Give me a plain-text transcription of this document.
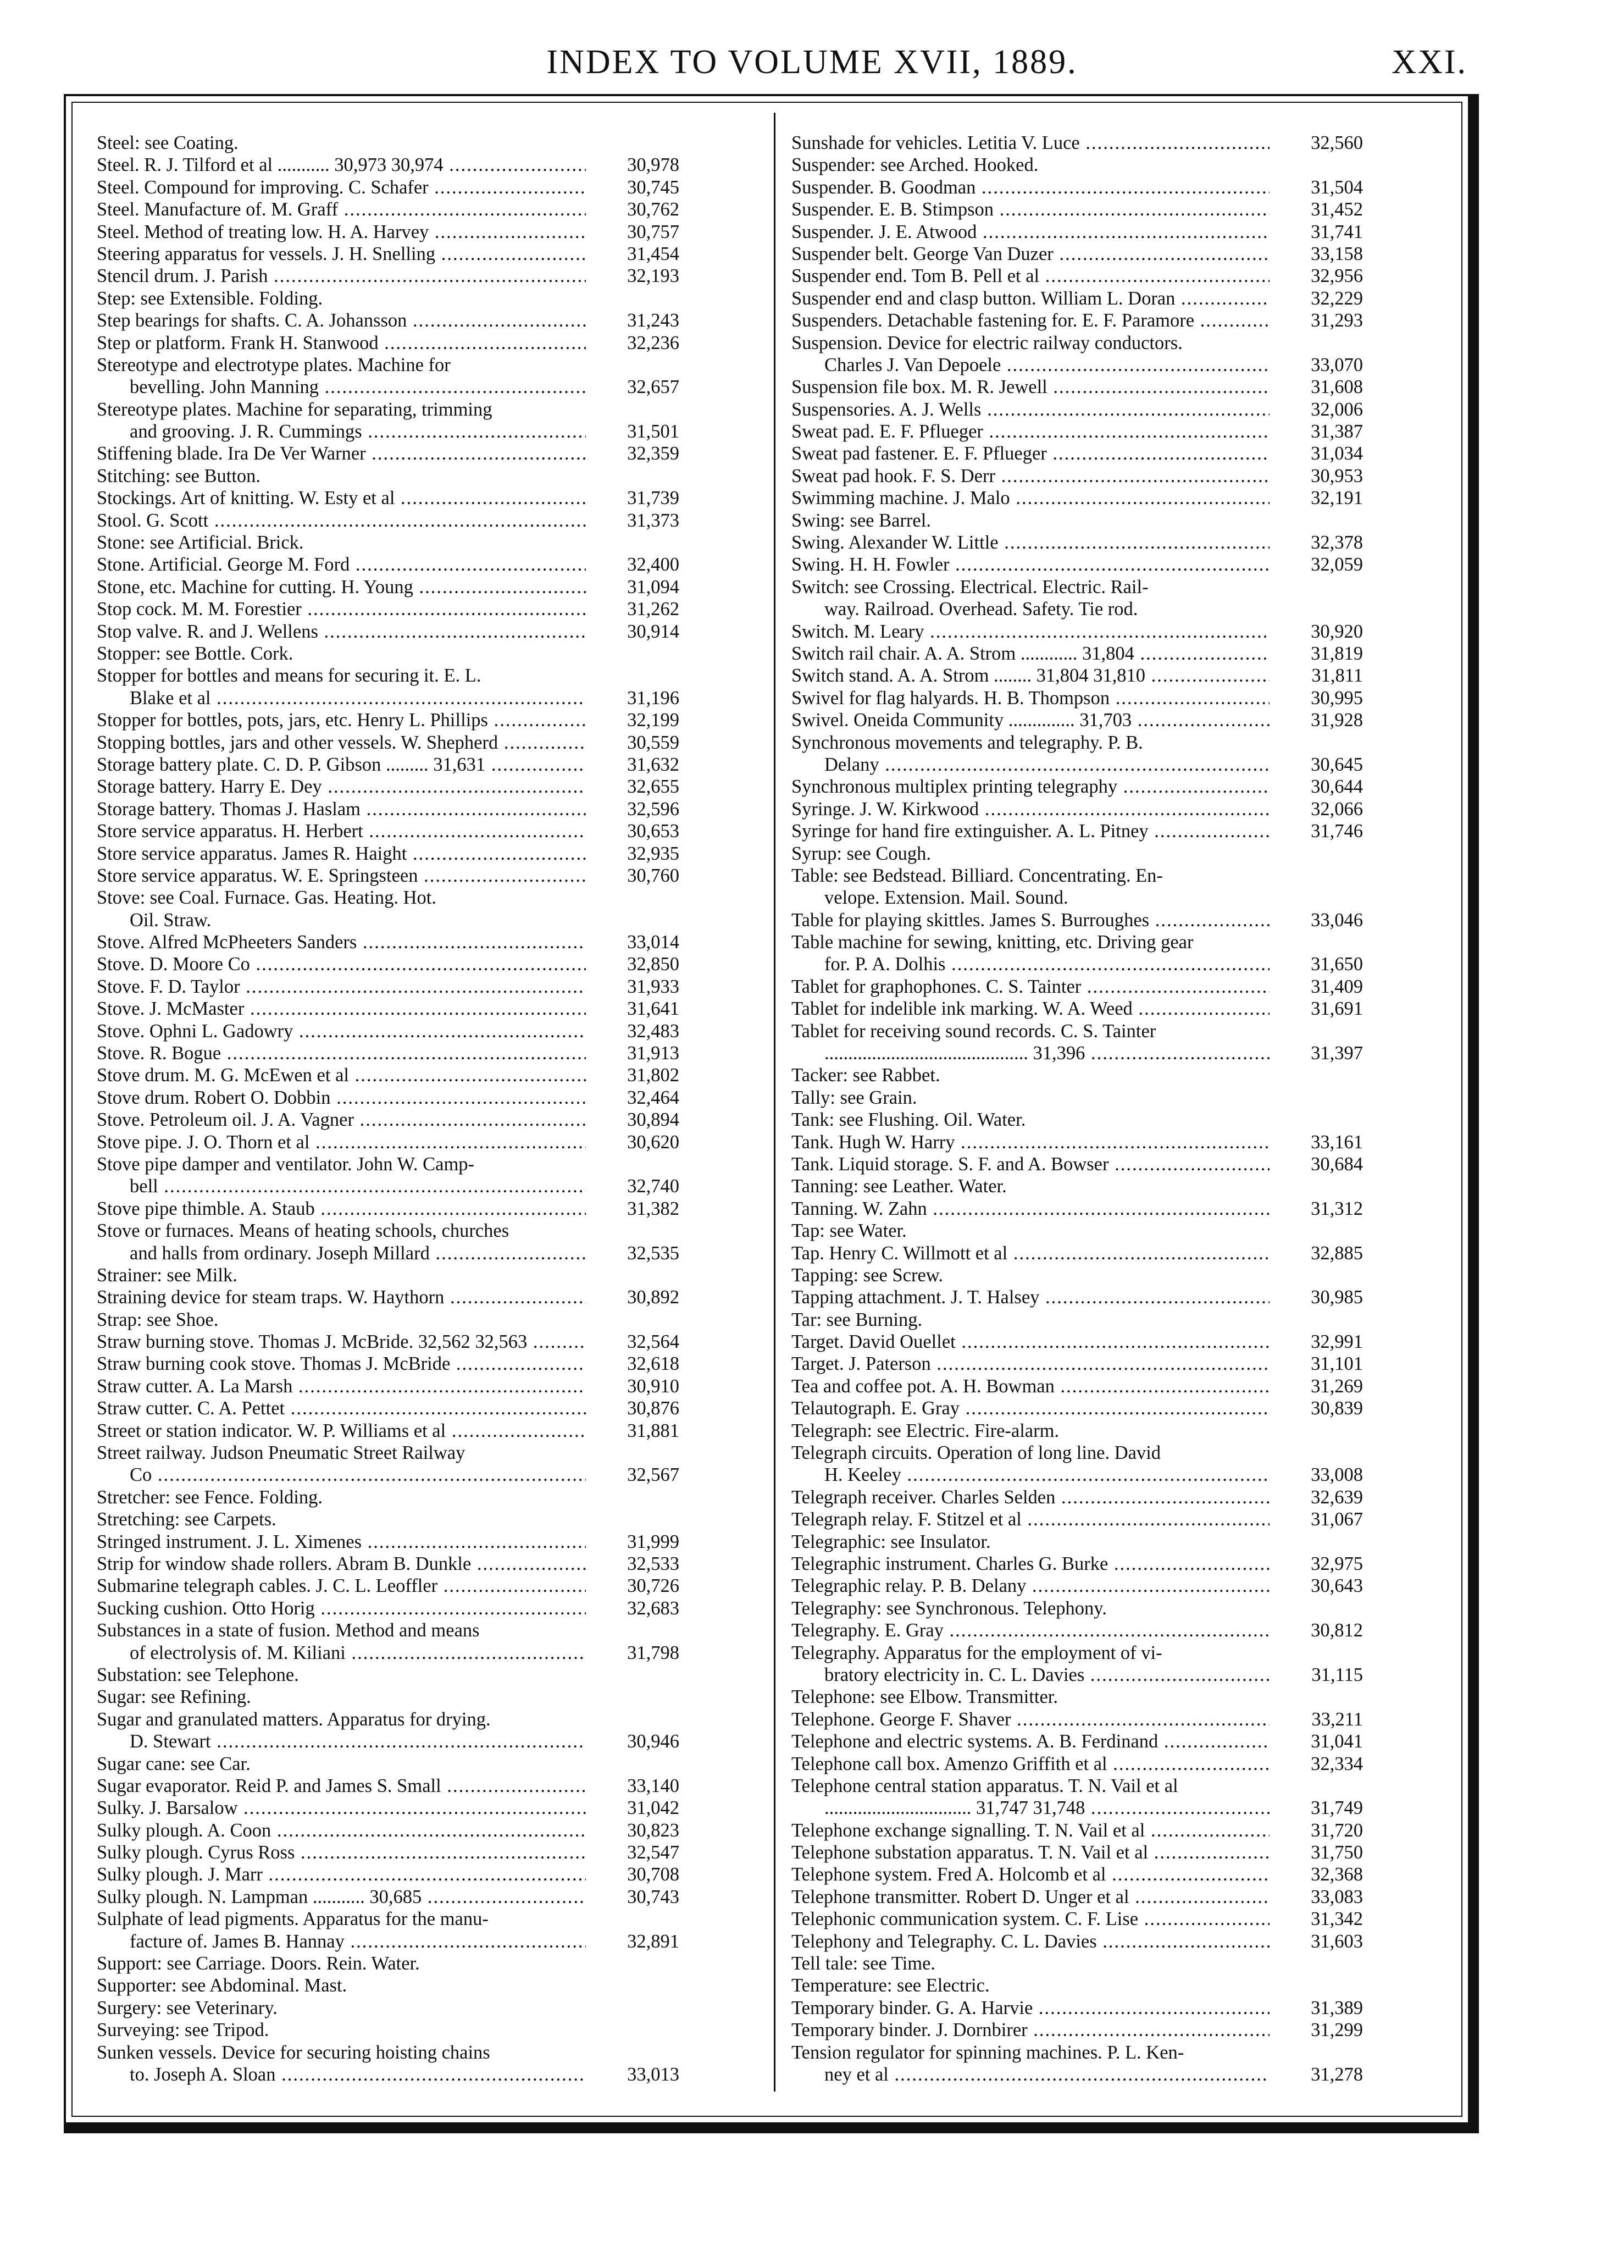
INDEX TO VOLUME XVII, 1889.	XXI.
Steel: see Coating.
Steel. R. J. Tilford et al ........... 30,973 30,974 .....	30,978
Steel. Compound for improving. C. Schafer .....	30,745
Steel. Manufacture of. M. Graff .....	30,762
Steel. Method of treating low. H. A. Harvey .....	30,757
Steering apparatus for vessels. J. H. Snelling .....	31,454
Stencil drum. J. Parish .....	32,193
Step: see Extensible. Folding.
Step bearings for shafts. C. A. Johansson .....	31,243
Step or platform. Frank H. Stanwood .....	32,236
Stereotype and electrotype plates. Machine for
bevelling. John Manning .....	32,657
Stereotype plates. Machine for separating, trimming
and grooving. J. R. Cummings .....	31,501
Stiffening blade. Ira De Ver Warner .....	32,359
Stitching: see Button.
Stockings. Art of knitting. W. Esty et al .....	31,739
Stool. G. Scott .....	31,373
Stone: see Artificial. Brick.
Stone. Artificial. George M. Ford .....	32,400
Stone, etc. Machine for cutting. H. Young .....	31,094
Stop cock. M. M. Forestier .....	31,262
Stop valve. R. and J. Wellens .....	30,914
Stopper: see Bottle. Cork.
Stopper for bottles and means for securing it. E. L.
Blake et al .....	31,196
Stopper for bottles, pots, jars, etc. Henry L. Phillips .....	32,199
Stopping bottles, jars and other vessels. W. Shepherd .....	30,559
Storage battery plate. C. D. P. Gibson ......... 31,631 .....	31,632
Storage battery. Harry E. Dey .....	32,655
Storage battery. Thomas J. Haslam .....	32,596
Store service apparatus. H. Herbert .....	30,653
Store service apparatus. James R. Haight .....	32,935
Store service apparatus. W. E. Springsteen .....	30,760
Stove: see Coal. Furnace. Gas. Heating. Hot.
Oil. Straw.
Stove. Alfred McPheeters Sanders .....	33,014
Stove. D. Moore Co .....	32,850
Stove. F. D. Taylor .....	31,933
Stove. J. McMaster .....	31,641
Stove. Ophni L. Gadowry .....	32,483
Stove. R. Bogue .....	31,913
Stove drum. M. G. McEwen et al .....	31,802
Stove drum. Robert O. Dobbin .....	32,464
Stove. Petroleum oil. J. A. Vagner .....	30,894
Stove pipe. J. O. Thorn et al .....	30,620
Stove pipe damper and ventilator. John W. Camp-
bell .....	32,740
Stove pipe thimble. A. Staub .....	31,382
Stove or furnaces. Means of heating schools, churches
and halls from ordinary. Joseph Millard .....	32,535
Strainer: see Milk.
Straining device for steam traps. W. Haythorn .....	30,892
Strap: see Shoe.
Straw burning stove. Thomas J. McBride. 32,562 32,563 .....	32,564
Straw burning cook stove. Thomas J. McBride .....	32,618
Straw cutter. A. La Marsh .....	30,910
Straw cutter. C. A. Pettet .....	30,876
Street or station indicator. W. P. Williams et al .....	31,881
Street railway. Judson Pneumatic Street Railway
Co .....	32,567
Stretcher: see Fence. Folding.
Stretching: see Carpets.
Stringed instrument. J. L. Ximenes .....	31,999
Strip for window shade rollers. Abram B. Dunkle .....	32,533
Submarine telegraph cables. J. C. L. Leoffler .....	30,726
Sucking cushion. Otto Horig .....	32,683
Substances in a state of fusion. Method and means
of electrolysis of. M. Kiliani .....	31,798
Substation: see Telephone.
Sugar: see Refining.
Sugar and granulated matters. Apparatus for drying.
D. Stewart .....	30,946
Sugar cane: see Car.
Sugar evaporator. Reid P. and James S. Small .....	33,140
Sulky. J. Barsalow .....	31,042
Sulky plough. A. Coon .....	30,823
Sulky plough. Cyrus Ross .....	32,547
Sulky plough. J. Marr .....	30,708
Sulky plough. N. Lampman ........... 30,685 .....	30,743
Sulphate of lead pigments. Apparatus for the manu-
facture of. James B. Hannay .....	32,891
Support: see Carriage. Doors. Rein. Water.
Supporter: see Abdominal. Mast.
Surgery: see Veterinary.
Surveying: see Tripod.
Sunken vessels. Device for securing hoisting chains
to. Joseph A. Sloan .....	33,013
Sunshade for vehicles. Letitia V. Luce .....	32,560
Suspender: see Arched. Hooked.
Suspender. B. Goodman .....	31,504
Suspender. E. B. Stimpson .....	31,452
Suspender. J. E. Atwood .....	31,741
Suspender belt. George Van Duzer .....	33,158
Suspender end. Tom B. Pell et al .....	32,956
Suspender end and clasp button. William L. Doran .....	32,229
Suspenders. Detachable fastening for. E. F. Paramore .....	31,293
Suspension. Device for electric railway conductors.
Charles J. Van Depoele .....	33,070
Suspension file box. M. R. Jewell .....	31,608
Suspensories. A. J. Wells .....	32,006
Sweat pad. E. F. Pflueger .....	31,387
Sweat pad fastener. E. F. Pflueger .....	31,034
Sweat pad hook. F. S. Derr .....	30,953
Swimming machine. J. Malo .....	32,191
Swing: see Barrel.
Swing. Alexander W. Little .....	32,378
Swing. H. H. Fowler .....	32,059
Switch: see Crossing. Electrical. Electric. Rail-
way. Railroad. Overhead. Safety. Tie rod.
Switch. M. Leary .....	30,920
Switch rail chair. A. A. Strom ............ 31,804 .....	31,819
Switch stand. A. A. Strom ........ 31,804 31,810 .....	31,811
Swivel for flag halyards. H. B. Thompson .....	30,995
Swivel. Oneida Community .............. 31,703 .....	31,928
Synchronous movements and telegraphy. P. B.
Delany .....	30,645
Synchronous multiplex printing telegraphy .....	30,644
Syringe. J. W. Kirkwood .....	32,066
Syringe for hand fire extinguisher. A. L. Pitney .....	31,746
Syrup: see Cough.
Table: see Bedstead. Billiard. Concentrating. En-
velope. Extension. Mail. Sound.
Table for playing skittles. James S. Burroughes .....	33,046
Table machine for sewing, knitting, etc. Driving gear
for. P. A. Dolhis .....	31,650
Tablet for graphophones. C. S. Tainter .....	31,409
Tablet for indelible ink marking. W. A. Weed .....	31,691
Tablet for receiving sound records. C. S. Tainter
........................................... 31,396 .....	31,397
Tacker: see Rabbet.
Tally: see Grain.
Tank: see Flushing. Oil. Water.
Tank. Hugh W. Harry .....	33,161
Tank. Liquid storage. S. F. and A. Bowser .....	30,684
Tanning: see Leather. Water.
Tanning. W. Zahn .....	31,312
Tap: see Water.
Tap. Henry C. Willmott et al .....	32,885
Tapping: see Screw.
Tapping attachment. J. T. Halsey .....	30,985
Tar: see Burning.
Target. David Ouellet .....	32,991
Target. J. Paterson .....	31,101
Tea and coffee pot. A. H. Bowman .....	31,269
Telautograph. E. Gray .....	30,839
Telegraph: see Electric. Fire-alarm.
Telegraph circuits. Operation of long line. David
H. Keeley .....	33,008
Telegraph receiver. Charles Selden .....	32,639
Telegraph relay. F. Stitzel et al .....	31,067
Telegraphic: see Insulator.
Telegraphic instrument. Charles G. Burke .....	32,975
Telegraphic relay. P. B. Delany .....	30,643
Telegraphy: see Synchronous. Telephony.
Telegraphy. E. Gray .....	30,812
Telegraphy. Apparatus for the employment of vi-
bratory electricity in. C. L. Davies .....	31,115
Telephone: see Elbow. Transmitter.
Telephone. George F. Shaver .....	33,211
Telephone and electric systems. A. B. Ferdinand .....	31,041
Telephone call box. Amenzo Griffith et al .....	32,334
Telephone central station apparatus. T. N. Vail et al
............................... 31,747 31,748 .....	31,749
Telephone exchange signalling. T. N. Vail et al .....	31,720
Telephone substation apparatus. T. N. Vail et al .....	31,750
Telephone system. Fred A. Holcomb et al .....	32,368
Telephone transmitter. Robert D. Unger et al .....	33,083
Telephonic communication system. C. F. Lise .....	31,342
Telephony and Telegraphy. C. L. Davies .....	31,603
Tell tale: see Time.
Temperature: see Electric.
Temporary binder. G. A. Harvie .....	31,389
Temporary binder. J. Dornbirer .....	31,299
Tension regulator for spinning machines. P. L. Ken-
ney et al .....	31,278
